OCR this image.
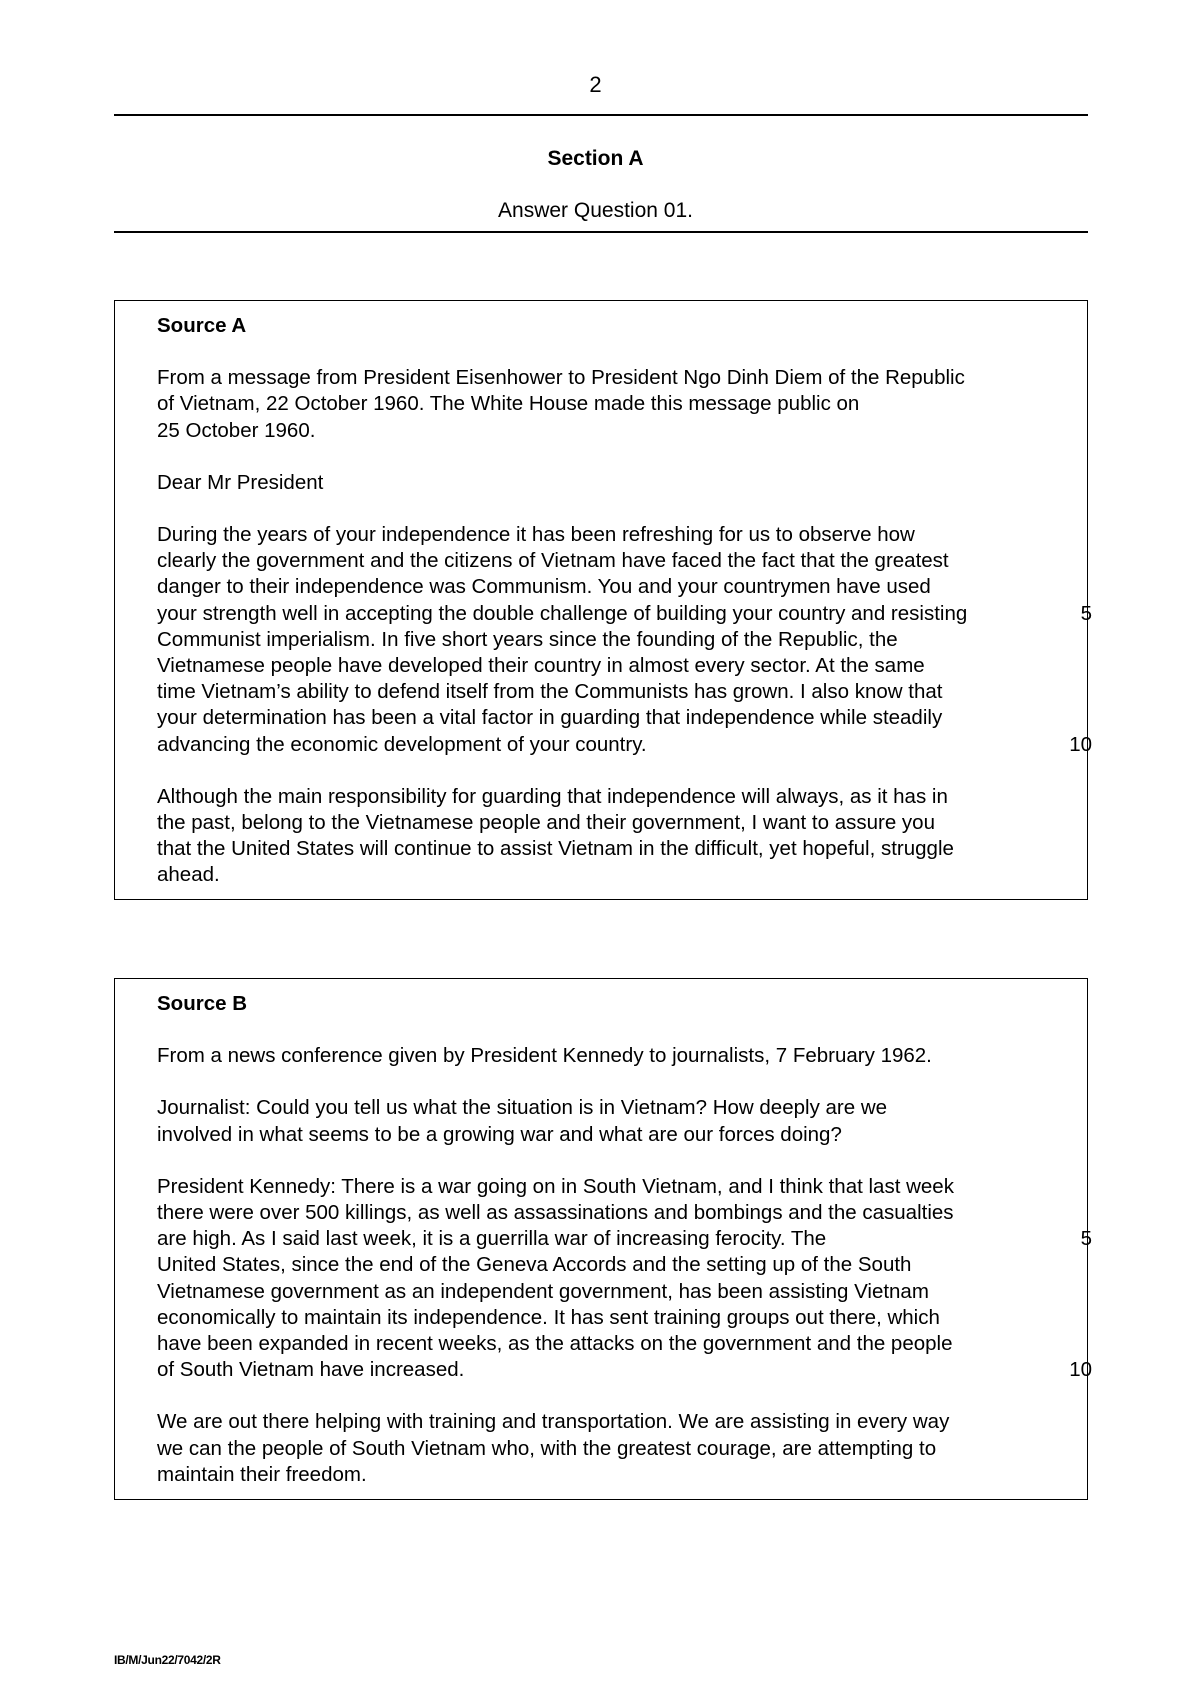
2
Section A
Answer Question 01.
Source A

From a message from President Eisenhower to President Ngo Dinh Diem of the Republic
of Vietnam, 22 October 1960. The White House made this message public on
25 October 1960.

Dear Mr President

During the years of your independence it has been refreshing for us to observe how
clearly the government and the citizens of Vietnam have faced the fact that the greatest
danger to their independence was Communism. You and your countrymen have used
your strength well in accepting the double challenge of building your country and resisting	5
Communist imperialism. In five short years since the founding of the Republic, the
Vietnamese people have developed their country in almost every sector. At the same
time Vietnam’s ability to defend itself from the Communists has grown. I also know that
your determination has been a vital factor in guarding that independence while steadily
advancing the economic development of your country.	10

Although the main responsibility for guarding that independence will always, as it has in
the past, belong to the Vietnamese people and their government, I want to assure you
that the United States will continue to assist Vietnam in the difficult, yet hopeful, struggle
ahead.

Source B

From a news conference given by President Kennedy to journalists, 7 February 1962.

Journalist: Could you tell us what the situation is in Vietnam? How deeply are we
involved in what seems to be a growing war and what are our forces doing?

President Kennedy: There is a war going on in South Vietnam, and I think that last week
there were over 500 killings, as well as assassinations and bombings and the casualties
are high. As I said last week, it is a guerrilla war of increasing ferocity. The	5
United States, since the end of the Geneva Accords and the setting up of the South
Vietnamese government as an independent government, has been assisting Vietnam
economically to maintain its independence. It has sent training groups out there, which
have been expanded in recent weeks, as the attacks on the government and the people
of South Vietnam have increased.	10

We are out there helping with training and transportation. We are assisting in every way
we can the people of South Vietnam who, with the greatest courage, are attempting to
maintain their freedom.

IB/M/Jun22/7042/2R
